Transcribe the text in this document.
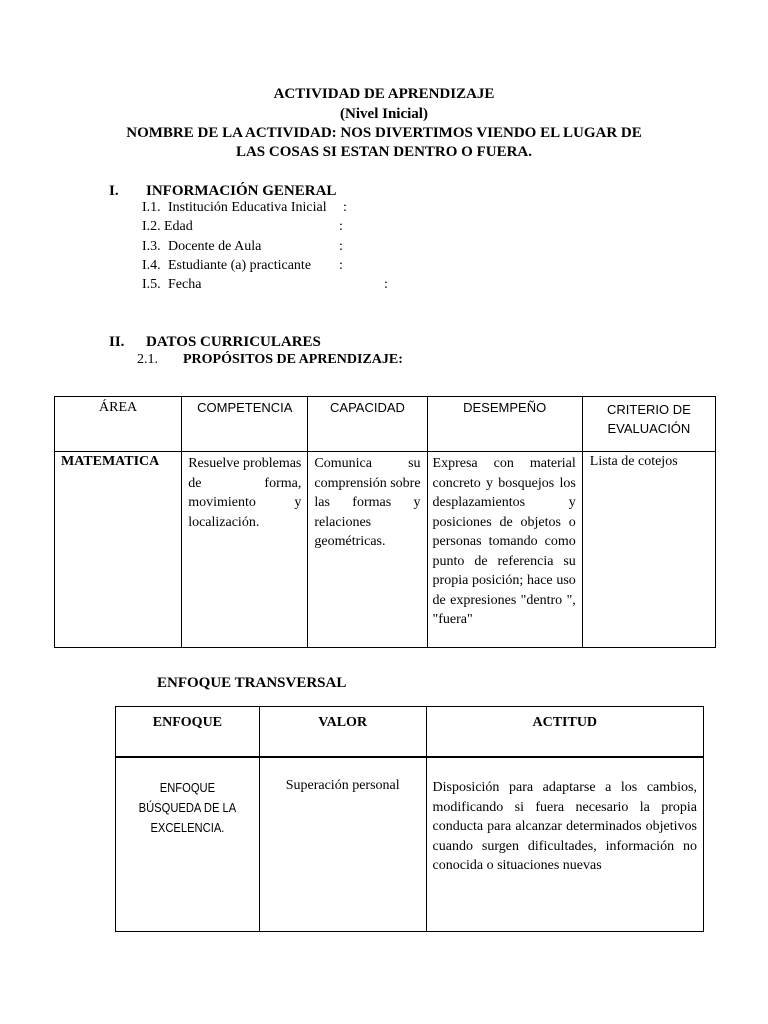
ACTIVIDAD DE APRENDIZAJE
(Nivel Inicial)
NOMBRE DE LA ACTIVIDAD: NOS DIVERTIMOS VIENDO EL LUGAR DE
LAS COSAS SI ESTAN DENTRO O FUERA.
I. INFORMACIÓN GENERAL
I.1. Institución Educativa Inicial :
I.2. Edad	:
I.3. Docente de Aula	:
I.4. Estudiante (a) practicante :
I.5. Fecha	:
II. DATOS CURRICULARES
2.1. PROPÓSITOS DE APRENDIZAJE:
ÁREA	COMPETENCIA	CAPACIDAD	DESEMPEÑO	CRITERIO DE EVALUACIÓN
MATEMATICA	Resuelve problemas de forma, movimiento y localización.	Comunica su comprensión sobre las formas y relaciones geométricas.	Expresa con material concreto y bosquejos los desplazamientos y posiciones de objetos o personas tomando como punto de referencia su propia posición; hace uso de expresiones "dentro ", "fuera"	Lista de cotejos
ENFOQUE TRANSVERSAL
ENFOQUE	VALOR	ACTITUD

ENFOQUE BÚSQUEDA DE LA EXCELENCIA.	Superación personal	Disposición para adaptarse a los cambios, modificando si fuera necesario la propia conducta para alcanzar determinados objetivos cuando surgen dificultades, información no conocida o situaciones nuevas
